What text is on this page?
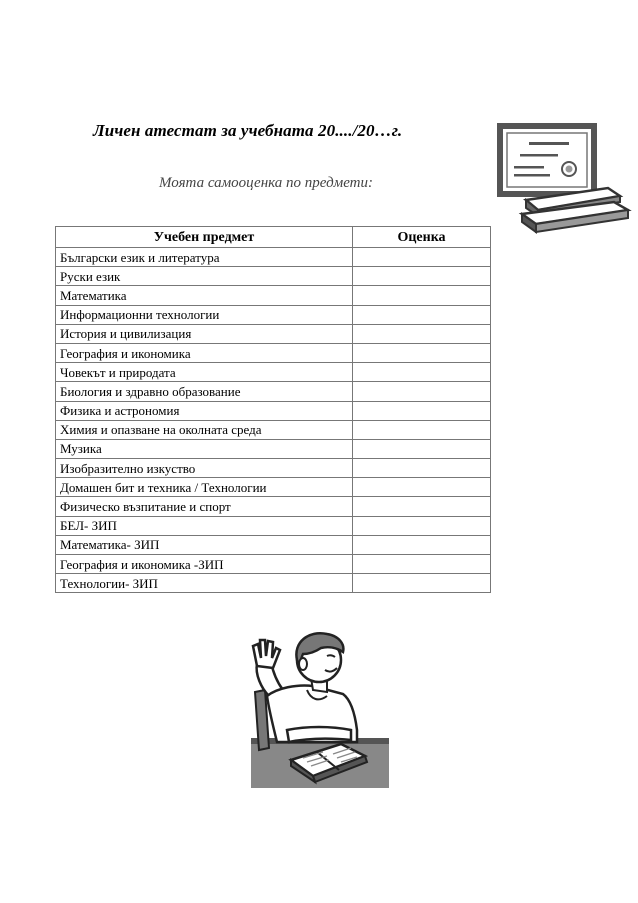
Личен атестат за учебната 20..../20…г.
Моята самооценка по предмети:
Учебен предмет	Оценка
Български език и литература	
Руски език	
Математика	
Информационни технологии	
История и цивилизация	
География и икономика	
Човекът и природата	
Биология и здравно образование	
Физика и астрономия	
Химия и опазване на околната среда	
Музика	
Изобразително изкуство	
Домашен бит и техника / Технологии	
Физическо възпитание и спорт	
БЕЛ- ЗИП	
Математика- ЗИП	
География и икономика -ЗИП	
Технологии- ЗИП	
